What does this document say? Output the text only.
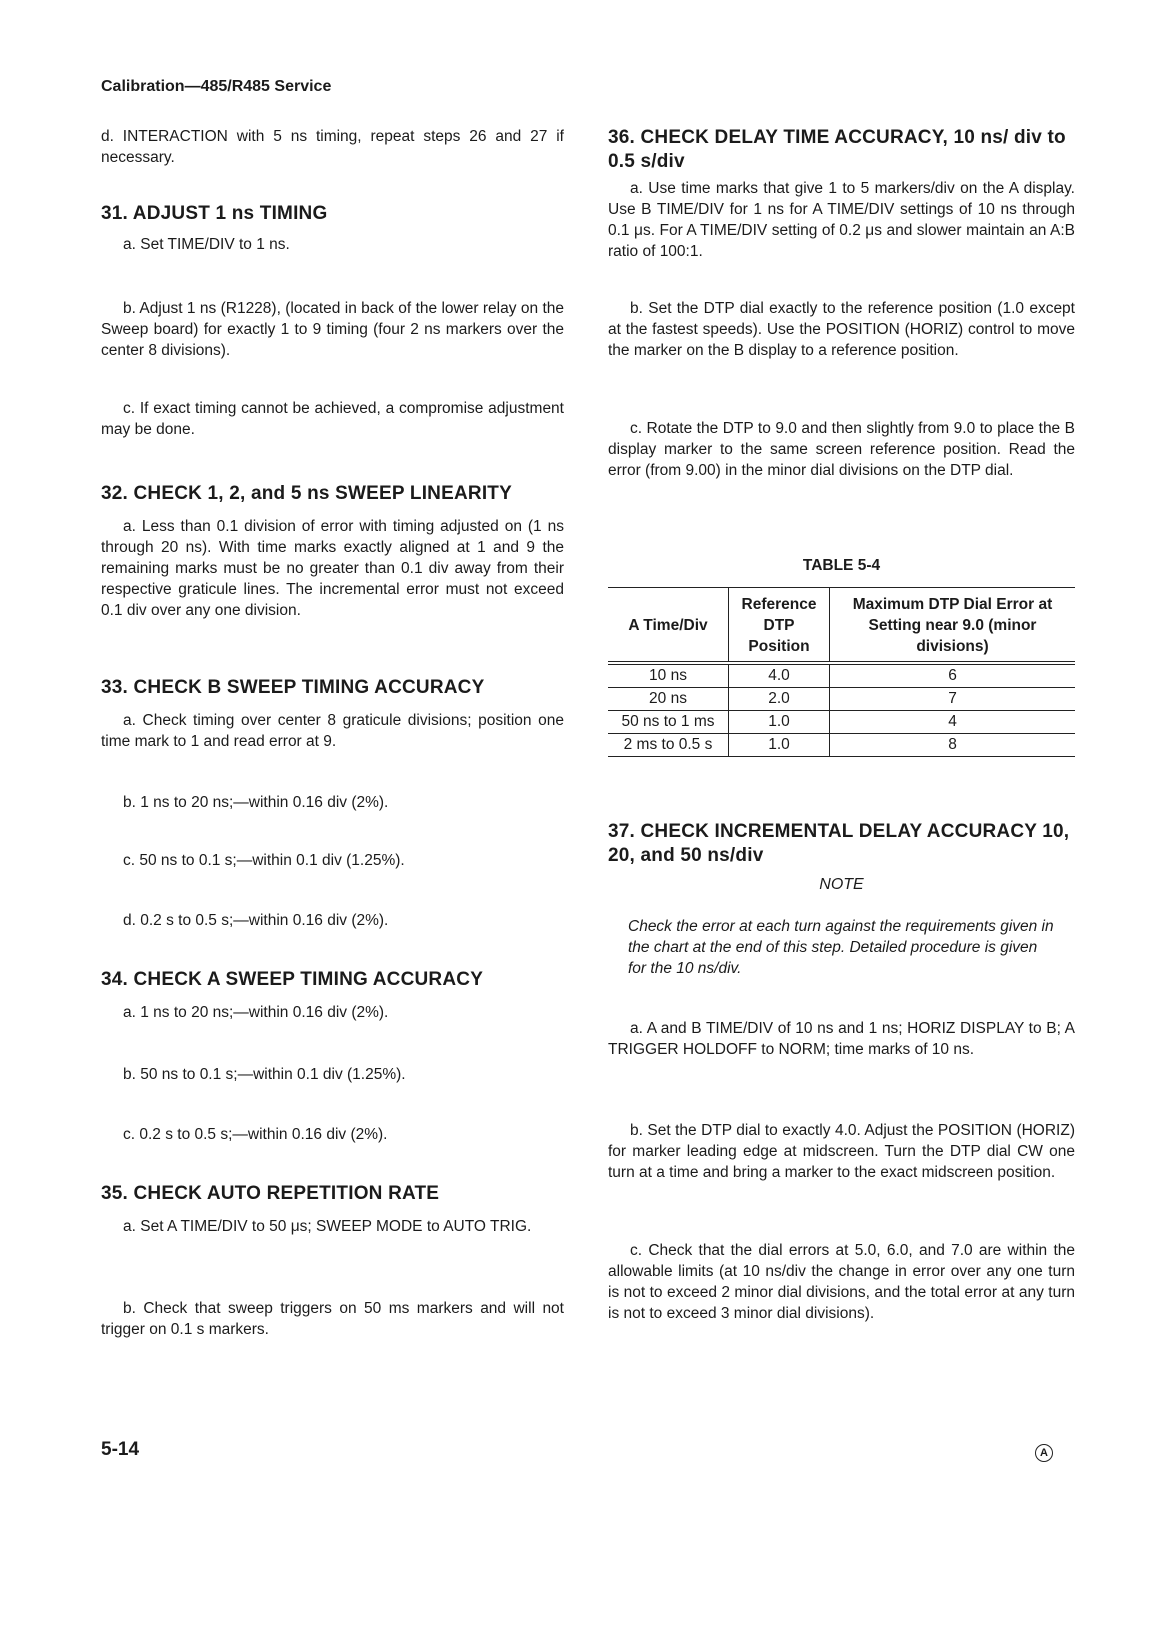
Calibration—485/R485 Service

d. INTERACTION with 5 ns timing, repeat steps 26 and 27 if necessary.

31. ADJUST 1 ns TIMING

a. Set TIME/DIV to 1 ns.

b. Adjust 1 ns (R1228), (located in back of the lower relay on the Sweep board) for exactly 1 to 9 timing (four 2 ns markers over the center 8 divisions).

c. If exact timing cannot be achieved, a compromise adjustment may be done.

32. CHECK 1, 2, and 5 ns SWEEP LINEARITY

a. Less than 0.1 division of error with timing adjusted on (1 ns through 20 ns). With time marks exactly aligned at 1 and 9 the remaining marks must be no greater than 0.1 div away from their respective graticule lines. The incremental error must not exceed 0.1 div over any one division.

33. CHECK B SWEEP TIMING ACCURACY

a. Check timing over center 8 graticule divisions; position one time mark to 1 and read error at 9.

b. 1 ns to 20 ns;—within 0.16 div (2%).

c. 50 ns to 0.1 s;—within 0.1 div (1.25%).

d. 0.2 s to 0.5 s;—within 0.16 div (2%).

34. CHECK A SWEEP TIMING ACCURACY

a. 1 ns to 20 ns;—within 0.16 div (2%).

b. 50 ns to 0.1 s;—within 0.1 div (1.25%).

c. 0.2 s to 0.5 s;—within 0.16 div (2%).

35. CHECK AUTO REPETITION RATE

a. Set A TIME/DIV to 50 μs; SWEEP MODE to AUTO TRIG.

b. Check that sweep triggers on 50 ms markers and will not trigger on 0.1 s markers.

36. CHECK DELAY TIME ACCURACY, 10 ns/ div to 0.5 s/div

a. Use time marks that give 1 to 5 markers/div on the A display. Use B TIME/DIV for 1 ns for A TIME/DIV settings of 10 ns through 0.1 μs. For A TIME/DIV setting of 0.2 μs and slower maintain an A:B ratio of 100:1.

b. Set the DTP dial exactly to the reference position (1.0 except at the fastest speeds). Use the POSITION (HORIZ) control to move the marker on the B display to a reference position.

c. Rotate the DTP to 9.0 and then slightly from 9.0 to place the B display marker to the same screen reference position. Read the error (from 9.00) in the minor dial divisions on the DTP dial.

TABLE 5-4

A Time/Div	Reference DTP Position	Maximum DTP Dial Error at Setting near 9.0 (minor divisions)
10 ns	4.0	6
20 ns	2.0	7
50 ns to 1 ms	1.0	4
2 ms to 0.5 s	1.0	8

37. CHECK INCREMENTAL DELAY ACCURACY 10, 20, and 50 ns/div

NOTE

Check the error at each turn against the requirements given in the chart at the end of this step. Detailed procedure is given for the 10 ns/div.

a. A and B TIME/DIV of 10 ns and 1 ns; HORIZ DISPLAY to B; A TRIGGER HOLDOFF to NORM; time marks of 10 ns.

b. Set the DTP dial to exactly 4.0. Adjust the POSITION (HORIZ) for marker leading edge at midscreen. Turn the DTP dial CW one turn at a time and bring a marker to the exact midscreen position.

c. Check that the dial errors at 5.0, 6.0, and 7.0 are within the allowable limits (at 10 ns/div the change in error over any one turn is not to exceed 2 minor dial divisions, and the total error at any turn is not to exceed 3 minor dial divisions).

5-14	A
